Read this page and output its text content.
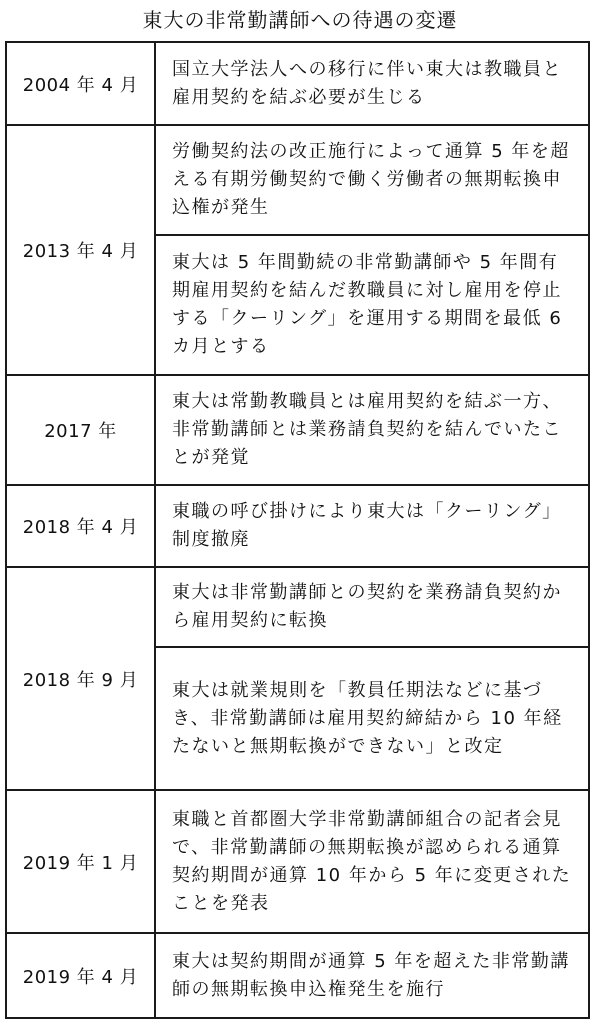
東大の非常勤講師への待遇の変遷
2004 年 4 月	国立大学法人への移行に伴い東大は教職員と雇用契約を結ぶ必要が生じる
2013 年 4 月	労働契約法の改正施行によって通算 5 年を超える有期労働契約で働く労働者の無期転換申込権が発生
	東大は 5 年間勤続の非常勤講師や 5 年間有期雇用契約を結んだ教職員に対し雇用を停止する「クーリング」を運用する期間を最低 6 カ月とする
2017 年	東大は常勤教職員とは雇用契約を結ぶ一方、非常勤講師とは業務請負契約を結んでいたことが発覚
2018 年 4 月	東職の呼び掛けにより東大は「クーリング」制度撤廃
2018 年 9 月	東大は非常勤講師との契約を業務請負契約から雇用契約に転換
	東大は就業規則を「教員任期法などに基づき、非常勤講師は雇用契約締結から 10 年経たないと無期転換ができない」と改定
2019 年 1 月	東職と首都圏大学非常勤講師組合の記者会見で、非常勤講師の無期転換が認められる通算契約期間が通算 10 年から 5 年に変更されたことを発表
2019 年 4 月	東大は契約期間が通算 5 年を超えた非常勤講師の無期転換申込権発生を施行
